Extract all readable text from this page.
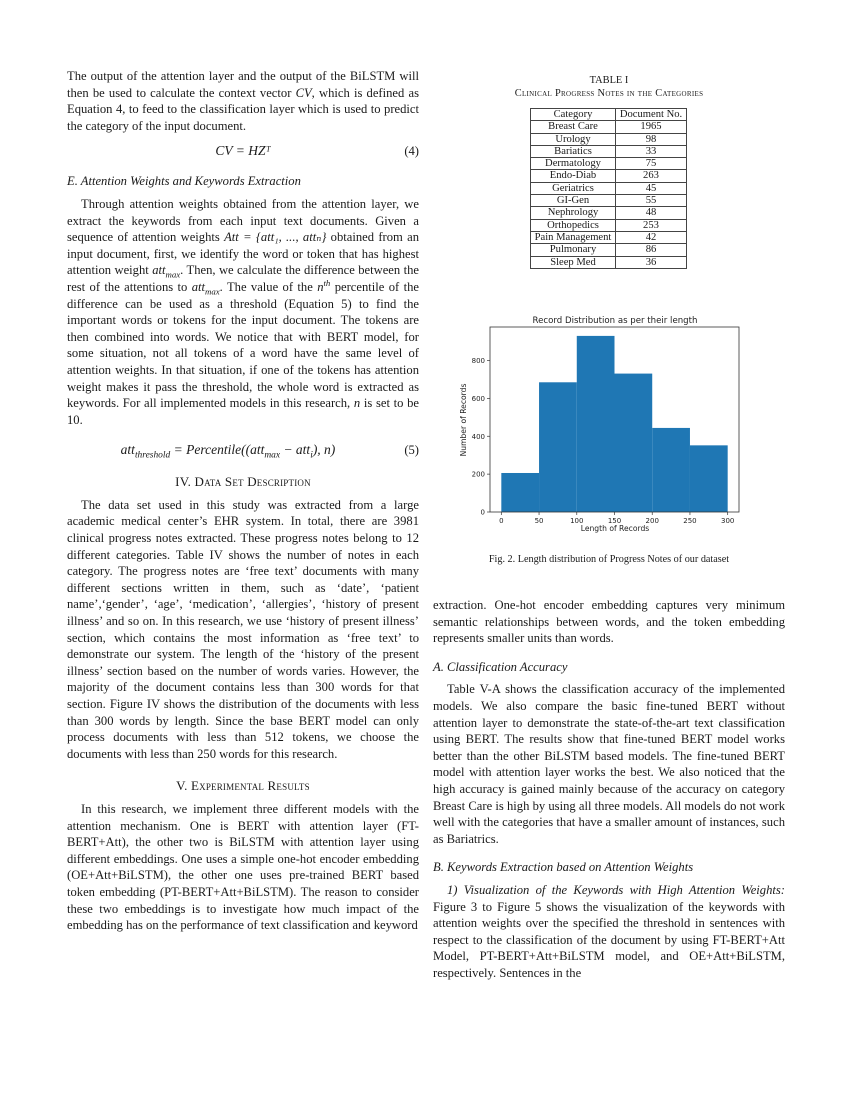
The output of the attention layer and the output of the BiLSTM will then be used to calculate the context vector CV, which is defined as Equation 4, to feed to the classification layer which is used to predict the category of the input document.

CV = HZᵀ	(4)
E. Attention Weights and Keywords Extraction

Through attention weights obtained from the attention layer, we extract the keywords from each input text documents. Given a sequence of attention weights Att = {att₁, ..., attₙ} obtained from an input document, first, we identify the word or token that has highest attention weight att$_{max}$. Then, we calculate the difference between the rest of the attentions to att$_{max}$. The value of the $n^{th}$ percentile of the difference can be used as a threshold (Equation 5) to find the important words or tokens for the input document. The tokens are then combined into words. We notice that with BERT model, for some situation, not all tokens of a word have the same level of attention weights. In that situation, if one of the tokens has attention weight makes it pass the threshold, the whole word is extracted as keywords. For all implemented models in this research, n is set to be 10.

att$_{threshold}$ = Percentile((att$_{max}$ − att$_i$), n)	(5)
IV. Data Set Description

The data set used in this study was extracted from a large academic medical center’s EHR system. In total, there are 3981 clinical progress notes extracted. These progress notes belong to 12 different categories. Table IV shows the number of notes in each category. The progress notes are ‘free text’ documents with many different sections written in them, such as ‘date’, ‘patient name’,‘gender’, ‘age’, ‘medication’, ‘allergies’, ‘history of present illness’ and so on. In this research, we use ‘history of present illness’ section, which contains the most information as ‘free text’ to demonstrate our system. The length of the ‘history of the present illness’ section based on the number of words varies. However, the majority of the document contains less than 300 words for that section. Figure IV shows the distribution of the documents with less than 300 words by length. Since the base BERT model can only process documents with less than 512 tokens, we choose the documents with less than 250 words for this research.

V. Experimental Results

In this research, we implement three different models with the attention mechanism. One is BERT with attention layer (FT-BERT+Att), the other two is BiLSTM with attention layer using different embeddings. One uses a simple one-hot encoder embedding (OE+Att+BiLSTM), the other one uses pre-trained BERT based token embedding (PT-BERT+Att+BiLSTM). The reason to consider these two embeddings is to investigate how much impact of the embedding has on the performance of text classification and keyword

TABLE I
Clinical Progress Notes in the Categories
Category	Document No.
Breast Care	1965
Urology	98
Bariatics	33
Dermatology	75
Endo-Diab	263
Geriatrics	45
GI-Gen	55
Nephrology	48
Orthopedics	253
Pain Management	42
Pulmonary	86
Sleep Med	36
Record Distribution as per their length
0	50	100	150	200	250	300
0
200
400
600
800
Length of Records
Number of Records
Fig. 2. Length distribution of Progress Notes of our dataset

extraction. One-hot encoder embedding captures very minimum semantic relationships between words, and the token embedding represents smaller units than words.

A. Classification Accuracy

Table V-A shows the classification accuracy of the implemented models. We also compare the basic fine-tuned BERT without attention layer to demonstrate the state-of-the-art text classification using BERT. The results show that fine-tuned BERT model works better than the other BiLSTM based models. The fine-tuned BERT model with attention layer works the best. We also noticed that the high accuracy is gained mainly because of the accuracy on category Breast Care is high by using all three models. All models do not work well with the categories that have a smaller amount of instances, such as Bariatrics.

B. Keywords Extraction based on Attention Weights

1) Visualization of the Keywords with High Attention Weights: Figure 3 to Figure 5 shows the visualization of the keywords with attention weights over the specified the threshold in sentences with respect to the classification of the document by using FT-BERT+Att Model, PT-BERT+Att+BiLSTM model, and OE+Att+BiLSTM, respectively. Sentences in the
